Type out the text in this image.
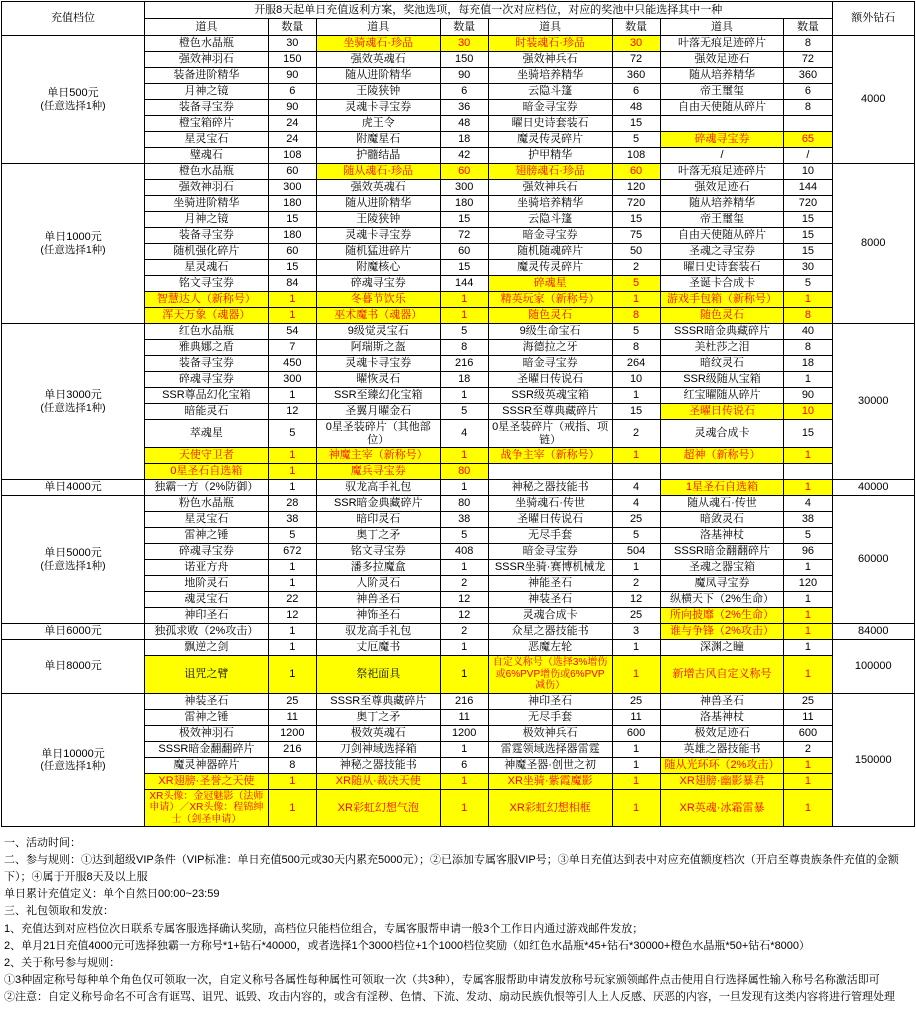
充值档位	开服8天起单日充值返利方案，奖池选项，每充值一次对应档位，对应的奖池中只能选择其中一种								额外钻石
	道具	数量	道具	数量	道具	数量	道具	数量	
单日500元
(任意选择1种)	橙色水晶瓶	30	坐骑魂石·珍品	30	时装魂石·珍品	30	叶落无痕足迹碎片	8	4000
	强效神羽石	150	强效英魂石	150	强效神兵石	72	强效足迹石	72	
	装备进阶精华	90	随从进阶精华	90	坐骑培养精华	360	随从培养精华	360	
	月神之镜	6	王陵狭钟	6	云隐斗篷	6	帝王璽玺	6	
	装备寻宝券	90	灵魂卡寻宝券	36	暗金寻宝券	48	自由天使随从碎片	8	
	橙宝箱碎片	24	虎王令	48	曜日史诗套装石	15			
	星灵宝石	24	附魔星石	18	魔灵传灵碎片	5	碎魂寻宝券	65	
	璧魂石	108	护髓结晶	42	护甲精华	108	/	/	
单日1000元
(任意选择1种)	橙色水晶瓶	60	随从魂石·珍品	60	翅膀魂石·珍品	60	叶落无痕足迹碎片	10	8000
	强效神羽石	300	强效英魂石	300	强效神兵石	120	强效足迹石	144	
	坐骑进阶精华	180	随从进阶精华	180	坐骑培养精华	720	随从培养精华	720	
	月神之镜	15	王陵狭钟	15	云隐斗篷	15	帝王璽玺	15	
	装备寻宝券	180	灵魂卡寻宝券	72	暗金寻宝券	75	自由天使随从碎片	15	
	随机强化碎片	60	随机猛进碎片	60	随机随魂碎片	50	圣魂之寻宝券	15	
	星灵魂石	15	附魔核心	15	魔灵传灵碎片	2	曜日史诗套装石	30	
	铭文寻宝券	84	碎魂寻宝券	144	碎魂星	5	圣诞卡合成卡	5	
	智慧达人（新称号）	1	冬暮节饮乐	1	精英玩家（新称号）	1	游戏手包箱（新称号）	1	
	浑天万象（魂器）	1	巫术魔书（魂器）	1	随色灵石	8	随色灵石	8	
单日3000元
(任意选择1种)	红色水晶瓶	54	9级觉灵宝石	5	9级生命宝石	5	SSSR暗金典藏碎片	40	30000
	雅典娜之盾	7	阿瑞斯之盔	8	海德拉之牙	8	美杜莎之泪	8	
	装备寻宝券	450	灵魂卡寻宝券	216	暗金寻宝券	264	暗纹灵石	18	
	碎魂寻宝券	300	曜恢灵石	18	圣曜日传说石	10	SSR级随从宝箱	1	
	SSR尊品幻化宝箱	1	SSR至臻幻化宝箱	1	SSR级英魂宝箱	1	红宝曜随从碎片	90	
	暗能灵石	12	圣翼月曜金石	5	SSSR至尊典藏碎片	15	圣曜日传说石	10	
	萃魂星	5	0星圣装碎片（其他部位）	4	0星圣装碎片（戒指、项链）	2	灵魂合成卡	15	
	天使守卫者	1	神魔主宰（新称号）	1	战争主宰（新称号）	1	超神（新称号）	1	
	0星圣石自选箱	1	魔兵寻宝券	80					
单日4000元	独霸一方（2%防御）	1	驭龙高手礼包	1	神秘之器技能书	4	1星圣石自选箱	1	40000
单日5000元
(任意选择1种)	粉色水晶瓶	28	SSR暗金典藏碎片	80	坐骑魂石·传世	4	随从魂石·传世	4	60000
	星灵宝石	38	暗印灵石	38	圣曜日传说石	25	暗敛灵石	38	
	雷神之锤	5	奥丁之矛	5	无尽手套	5	洛基神杖	5	
	碎魂寻宝券	672	铭文寻宝券	408	暗金寻宝券	504	SSSR暗金翻翻碎片	96	
	诺亚方舟	1	潘多拉魔盒	1	SSSR坐骑·赛博机械龙	1	圣魂之器宝箱	1	
	地阶灵石	1	人阶灵石	2	神能圣石	2	魔凤寻宝券	120	
	魂灵宝石	22	神兽圣石	12	神装圣石	12	纵横天下（2%生命）	1	
	神印圣石	12	神饰圣石	12	灵魂合成卡	25	所向披靡（2%生命）	1	
单日6000元	独孤求败（2%攻击）	1	驭龙高手礼包	2	众星之器技能书	3	谁与争锋（2%攻击）	1	84000
单日8000元	飘逆之剑	1	丈厄魔书	1	恶魔左轮	1	深渊之瞳	1	100000
	诅咒之臂	1	祭祀面具	1	自定义称号（选择3%增伤或6%PVP增伤或6%PVP减伤）	1	新增古风自定义称号	1	
单日10000元
(任意选择1种)	神装圣石	25	SSSR至尊典藏碎片	216	神印圣石	25	神兽圣石	25	150000
	雷神之锤	11	奥丁之矛	11	无尽手套	11	洛基神杖	11	
	极效神羽石	1200	极效英魂石	1200	极效神兵石	600	极效足迹石	600	
	SSSR暗金翻翻碎片	216	刀剑神域选择箱	1	雷霆领域选择器雷霆	1	英雄之器技能书	2	
	魔灵神器碎片	8	神秘之器技能书	6	神魔圣器·创世之初	1	随从光环环（2%攻击）	1	
	XR翅膀·圣誉之天使	1	XR随从·裁决天使	1	XR坐骑·紫霞魔影	1	XR翅膀·幽影暴君	1	
	XR头像：金冠魅影（法师申请）／XR头像：程锦绅士（剑圣申请）	1	XR彩虹幻想气泡	1	XR彩虹幻想相框	1	XR英魂·冰霜雷暴	1	

一、活动时间：

二、参与规则：①达到超级VIP条件（VIP标准：单日充值500元或30天内累充5000元）；②已添加专属客服VIP号；③单日充值达到表中对应充值额度档次（开启至尊贵族条件充值的金额下）；④属于开服8天及以上服

单日累计充值定义：单个自然日00:00~23:59

三、礼包领取和发放：

1、充值达到对应档位次日联系专属客服选择确认奖励，高档位只能档位组合，专属客服帮申请一般3个工作日内通过游戏邮件发放；

2、单月21日充值4000元可选择独霸一方称号*1+钻石*40000，或者选择1个3000档位+1个1000档位奖励（如红色水晶瓶*45+钻石*30000+橙色水晶瓶*50+钻石*8000）

2、关于称号参与规则：

①3种固定称号每种单个角色仅可领取一次，自定义称号各属性每种属性可领取一次（共3种），专属客服帮助申请发放称号玩家颁领邮件点击使用自行选择属性输入称号名称激活即可

②注意：自定义称号命名不可含有诓骂、诅咒、诋毁、攻击内容的，或含有淫秽、色情、下流、发动、扇动民族仇恨等引人上人反感、厌恶的内容，一旦发现有这类内容将进行管理处理
